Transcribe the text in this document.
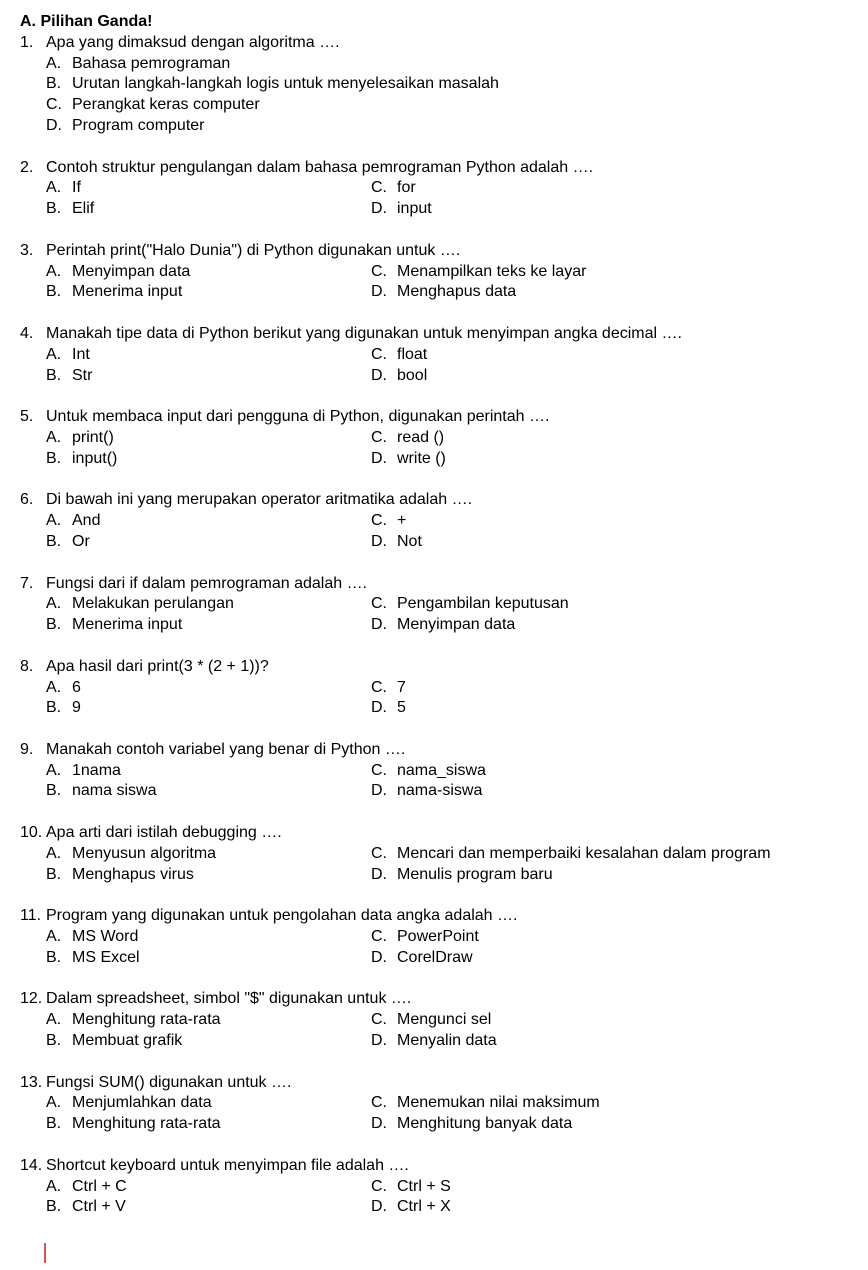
A. Pilihan Ganda!
1. Apa yang dimaksud dengan algoritma ….
A. Bahasa pemrograman
B. Urutan langkah-langkah logis untuk menyelesaikan masalah
C. Perangkat keras computer
D. Program computer
2. Contoh struktur pengulangan dalam bahasa pemrograman Python adalah ….
A. If	C. for
B. Elif	D. input
3. Perintah print("Halo Dunia") di Python digunakan untuk ….
A. Menyimpan data	C. Menampilkan teks ke layar
B. Menerima input	D. Menghapus data
4. Manakah tipe data di Python berikut yang digunakan untuk menyimpan angka decimal ….
A. Int	C. float
B. Str	D. bool
5. Untuk membaca input dari pengguna di Python, digunakan perintah ….
A. print()	C. read ()
B. input()	D. write ()
6. Di bawah ini yang merupakan operator aritmatika adalah ….
A. And	C. +
B. Or	D. Not
7. Fungsi dari if dalam pemrograman adalah ….
A. Melakukan perulangan	C. Pengambilan keputusan
B. Menerima input	D. Menyimpan data
8. Apa hasil dari print(3 * (2 + 1))?
A. 6	C. 7
B. 9	D. 5
9. Manakah contoh variabel yang benar di Python ….
A. 1nama	C. nama_siswa
B. nama siswa	D. nama-siswa
10. Apa arti dari istilah debugging ….
A. Menyusun algoritma	C. Mencari dan memperbaiki kesalahan dalam program
B. Menghapus virus	D. Menulis program baru
11. Program yang digunakan untuk pengolahan data angka adalah ….
A. MS Word	C. PowerPoint
B. MS Excel	D. CorelDraw
12. Dalam spreadsheet, simbol "$" digunakan untuk ….
A. Menghitung rata-rata	C. Mengunci sel
B. Membuat grafik	D. Menyalin data
13. Fungsi SUM() digunakan untuk ….
A. Menjumlahkan data	C. Menemukan nilai maksimum
B. Menghitung rata-rata	D. Menghitung banyak data
14. Shortcut keyboard untuk menyimpan file adalah ….
A. Ctrl + C	C. Ctrl + S
B. Ctrl + V	D. Ctrl + X
